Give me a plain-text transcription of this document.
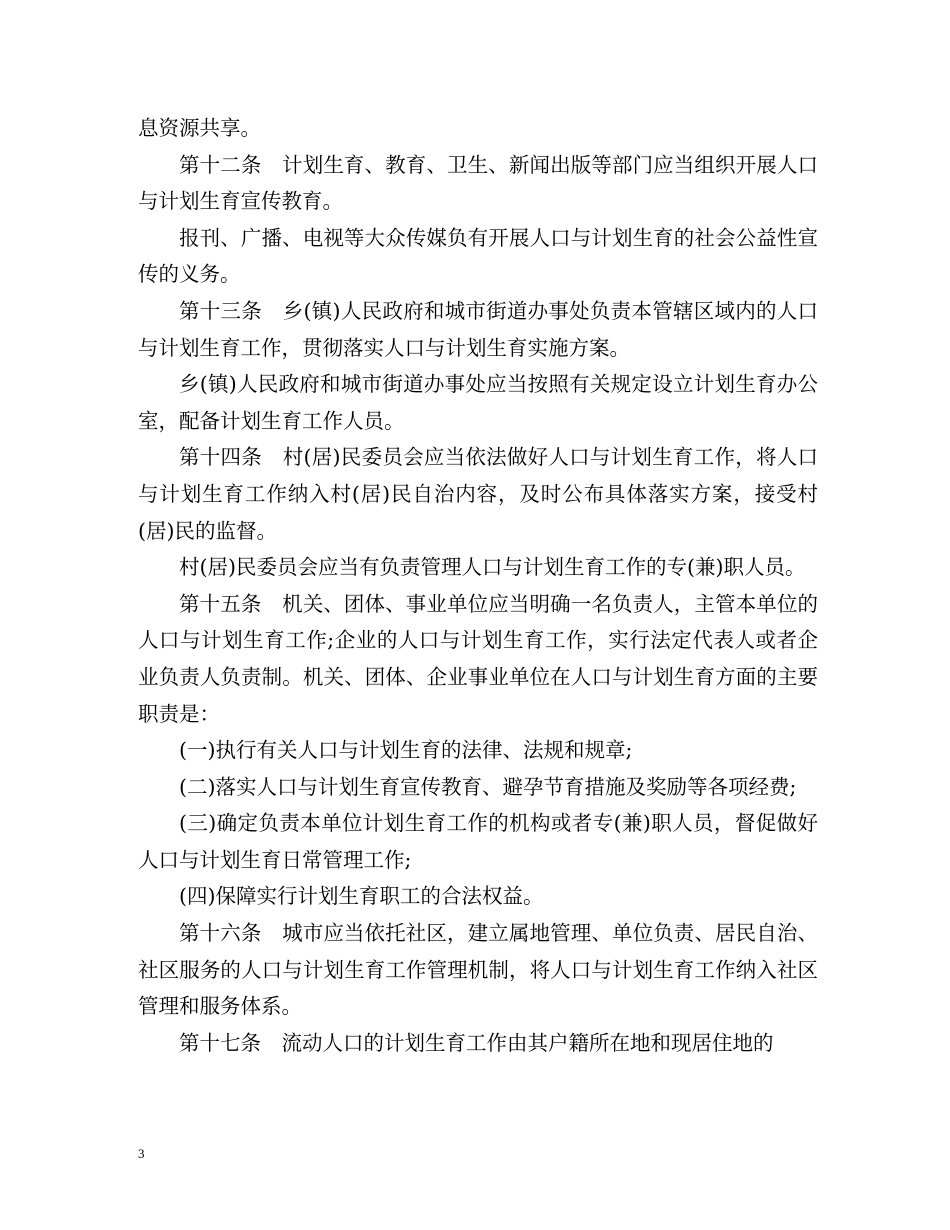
息资源共享。

第十二条　计划生育、教育、卫生、新闻出版等部门应当组织开展人口与计划生育宣传教育。

报刊、广播、电视等大众传媒负有开展人口与计划生育的社会公益性宣传的义务。

第十三条　乡(镇)人民政府和城市街道办事处负责本管辖区域内的人口与计划生育工作，贯彻落实人口与计划生育实施方案。

乡(镇)人民政府和城市街道办事处应当按照有关规定设立计划生育办公室，配备计划生育工作人员。

第十四条　村(居)民委员会应当依法做好人口与计划生育工作，将人口与计划生育工作纳入村(居)民自治内容，及时公布具体落实方案，接受村(居)民的监督。

村(居)民委员会应当有负责管理人口与计划生育工作的专(兼)职人员。

第十五条　机关、团体、事业单位应当明确一名负责人，主管本单位的人口与计划生育工作;企业的人口与计划生育工作，实行法定代表人或者企业负责人负责制。机关、团体、企业事业单位在人口与计划生育方面的主要职责是：

(一)执行有关人口与计划生育的法律、法规和规章;

(二)落实人口与计划生育宣传教育、避孕节育措施及奖励等各项经费;

(三)确定负责本单位计划生育工作的机构或者专(兼)职人员，督促做好人口与计划生育日常管理工作;

(四)保障实行计划生育职工的合法权益。

第十六条　城市应当依托社区，建立属地管理、单位负责、居民自治、社区服务的人口与计划生育工作管理机制，将人口与计划生育工作纳入社区管理和服务体系。

第十七条　流动人口的计划生育工作由其户籍所在地和现居住地的

3
